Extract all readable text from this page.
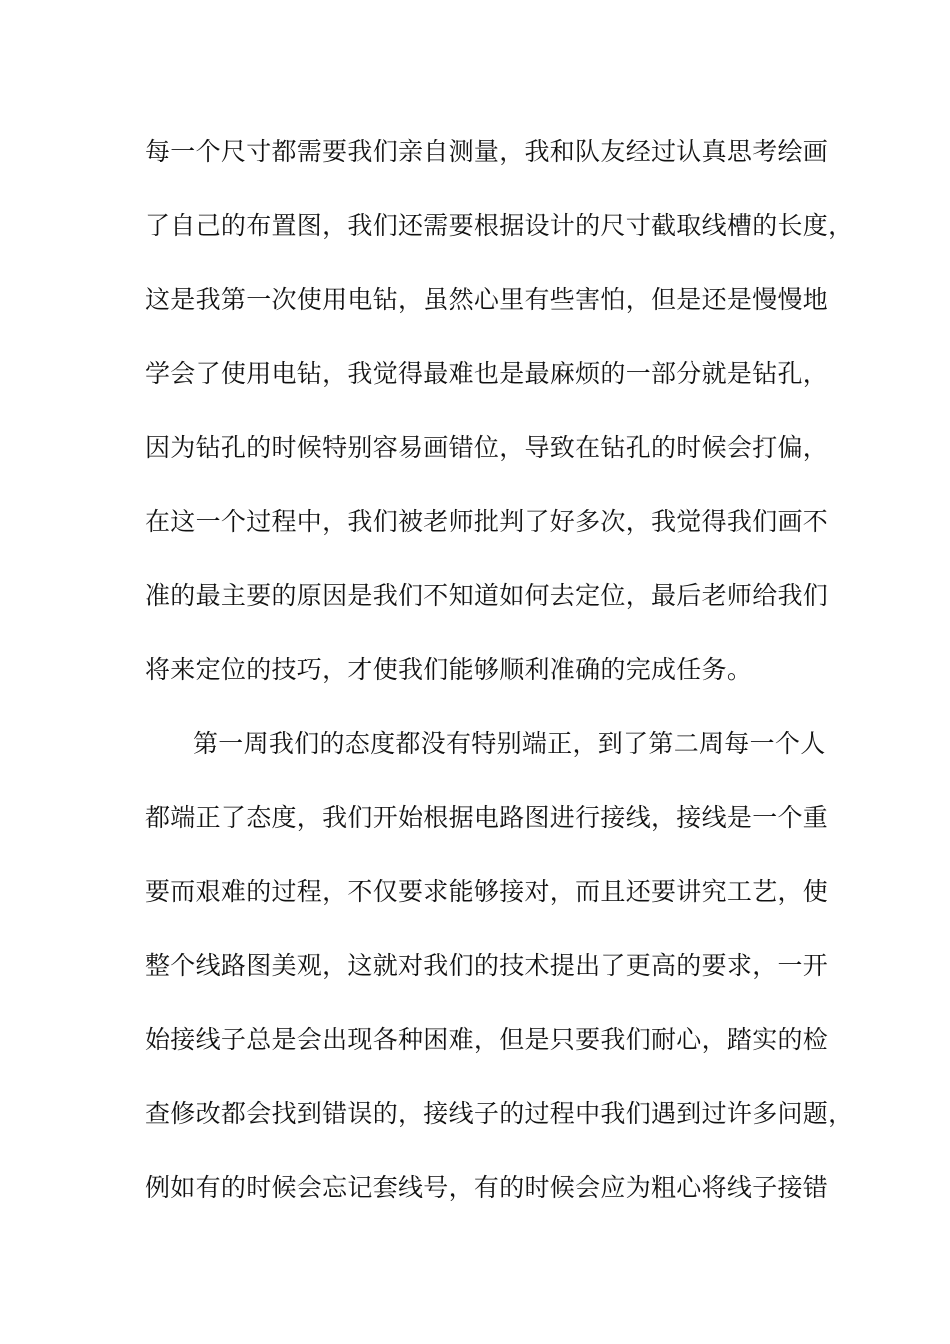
每一个尺寸都需要我们亲自测量，我和队友经过认真思考绘画
了自己的布置图，我们还需要根据设计的尺寸截取线槽的长度，
这是我第一次使用电钻，虽然心里有些害怕，但是还是慢慢地
学会了使用电钻，我觉得最难也是最麻烦的一部分就是钻孔，
因为钻孔的时候特别容易画错位，导致在钻孔的时候会打偏，
在这一个过程中，我们被老师批判了好多次，我觉得我们画不
准的最主要的原因是我们不知道如何去定位，最后老师给我们
将来定位的技巧，才使我们能够顺利准确的完成任务。
第一周我们的态度都没有特别端正，到了第二周每一个人
都端正了态度，我们开始根据电路图进行接线，接线是一个重
要而艰难的过程，不仅要求能够接对，而且还要讲究工艺，使
整个线路图美观，这就对我们的技术提出了更高的要求，一开
始接线子总是会出现各种困难，但是只要我们耐心，踏实的检
查修改都会找到错误的，接线子的过程中我们遇到过许多问题，
例如有的时候会忘记套线号，有的时候会应为粗心将线子接错
